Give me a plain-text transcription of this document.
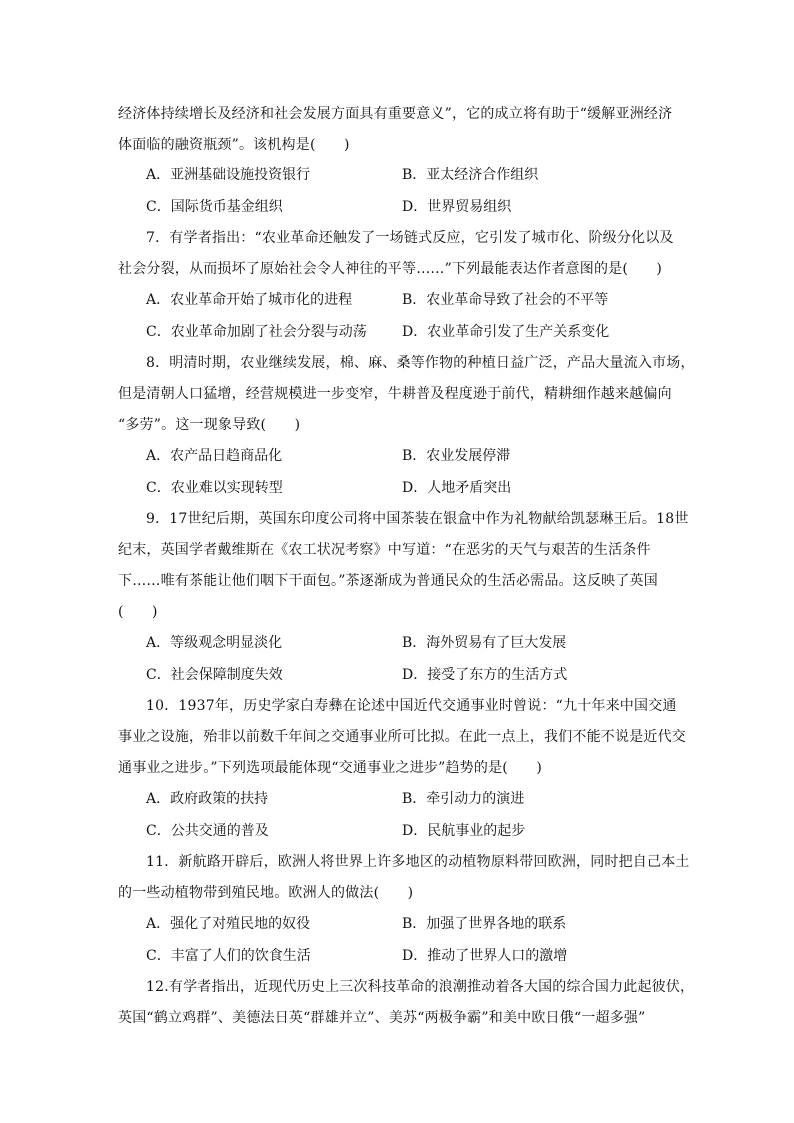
经济体持续增长及经济和社会发展方面具有重要意义”，它的成立将有助于“缓解亚洲经济
体面临的融资瓶颈”。该机构是(　　)
A．亚洲基础设施投资银行	B．亚太经济合作组织
C．国际货币基金组织	D．世界贸易组织
7．有学者指出：“农业革命还触发了一场链式反应，它引发了城市化、阶级分化以及
社会分裂，从而损坏了原始社会令人神往的平等……”下列最能表达作者意图的是(　　)
A．农业革命开始了城市化的进程	B．农业革命导致了社会的不平等
C．农业革命加剧了社会分裂与动荡	D．农业革命引发了生产关系变化
8．明清时期，农业继续发展，棉、麻、桑等作物的种植日益广泛，产品大量流入市场，
但是清朝人口猛增，经营规模进一步变窄，牛耕普及程度逊于前代，精耕细作越来越偏向
“多劳”。这一现象导致(　　)
A．农产品日趋商品化	B．农业发展停滞
C．农业难以实现转型	D．人地矛盾突出
9．17世纪后期，英国东印度公司将中国茶装在银盒中作为礼物献给凯瑟琳王后。18世
纪末，英国学者戴维斯在《农工状况考察》中写道：“在恶劣的天气与艰苦的生活条件
下……唯有茶能让他们咽下干面包。”茶逐渐成为普通民众的生活必需品。这反映了英国
(　　)
A．等级观念明显淡化	B．海外贸易有了巨大发展
C．社会保障制度失效	D．接受了东方的生活方式
10．1937年，历史学家白寿彝在论述中国近代交通事业时曾说：“九十年来中国交通
事业之设施，殆非以前数千年间之交通事业所可比拟。在此一点上，我们不能不说是近代交
通事业之进步。”下列选项最能体现“交通事业之进步”趋势的是(　　)
A．政府政策的扶持	B．牵引动力的演进
C．公共交通的普及	D．民航事业的起步
11．新航路开辟后，欧洲人将世界上许多地区的动植物原料带回欧洲，同时把自己本土
的一些动植物带到殖民地。欧洲人的做法(　　)
A．强化了对殖民地的奴役	B．加强了世界各地的联系
C．丰富了人们的饮食生活	D．推动了世界人口的激增
12.有学者指出，近现代历史上三次科技革命的浪潮推动着各大国的综合国力此起彼伏，
英国“鹤立鸡群”、美德法日英“群雄并立”、美苏“两极争霸”和美中欧日俄“一超多强”
